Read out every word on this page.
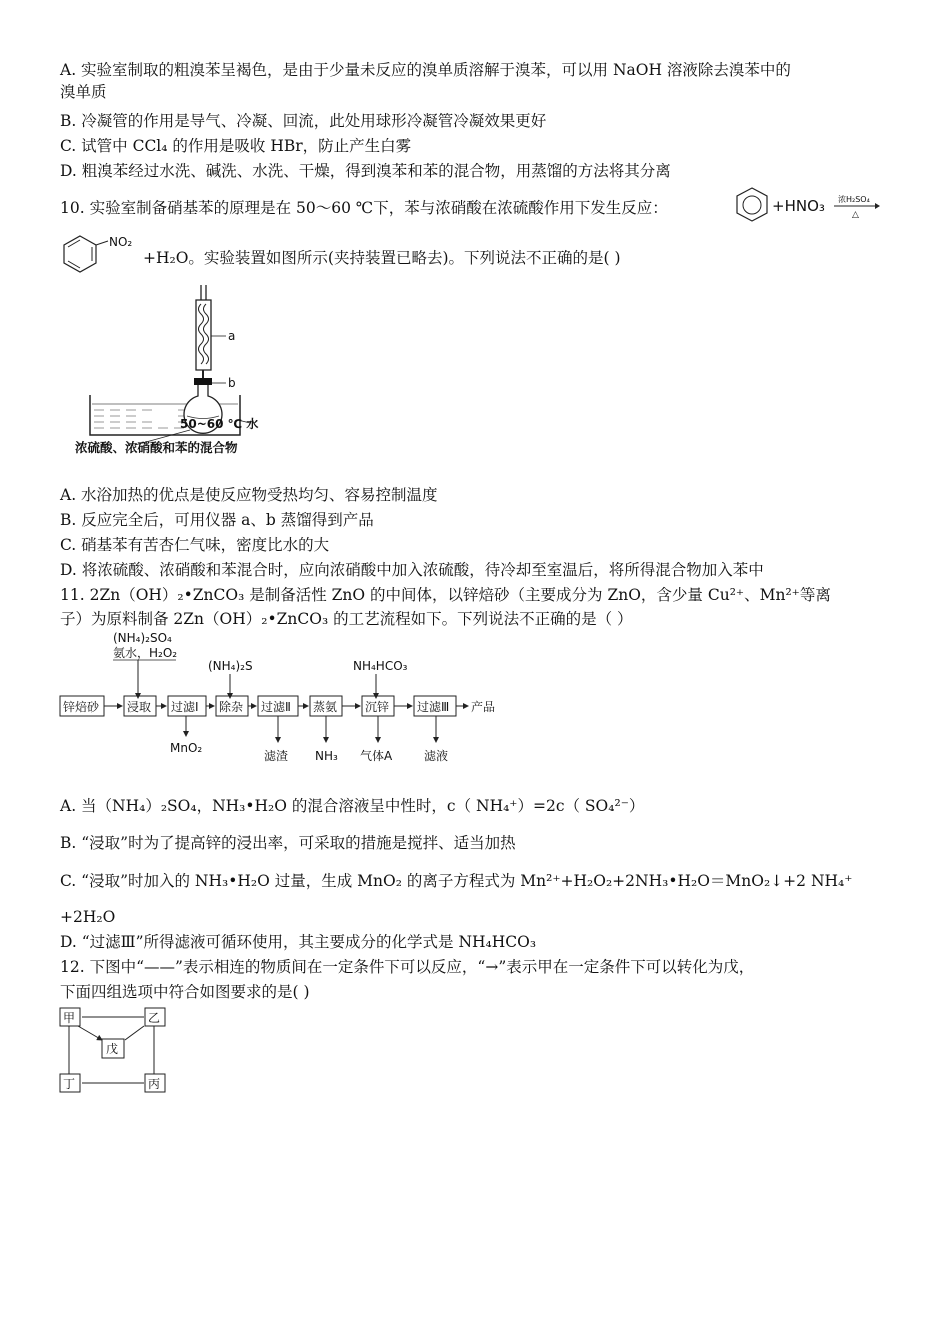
A. 实验室制取的粗溴苯呈褐色，是由于少量未反应的溴单质溶解于溴苯，可以用 NaOH 溶液除去溴苯中的
溴单质
B. 冷凝管的作用是导气、冷凝、回流，此处用球形冷凝管冷凝效果更好
C. 试管中 CCl₄ 的作用是吸收 HBr，防止产生白雾
D. 粗溴苯经过水洗、碱洗、水洗、干燥，得到溴苯和苯的混合物，用蒸馏的方法将其分离
10. 实验室制备硝基苯的原理是在 50～60 ℃下，苯与浓硝酸在浓硫酸作用下发生反应：	+HNO₃ 浓H₂SO₄
△
NO₂
+H₂O。实验装置如图所示(夹持装置已略去)。下列说法不正确的是( )
a
b
50~60 ℃ 水
浓硫酸、浓硝酸和苯的混合物
A. 水浴加热的优点是使反应物受热均匀、容易控制温度
B. 反应完全后，可用仪器 a、b 蒸馏得到产品
C. 硝基苯有苦杏仁气味，密度比水的大
D. 将浓硫酸、浓硝酸和苯混合时，应向浓硝酸中加入浓硫酸，待冷却至室温后，将所得混合物加入苯中
11. 2Zn（OH）₂•ZnCO₃ 是制备活性 ZnO 的中间体，以锌焙砂（主要成分为 ZnO，含少量 Cu²⁺、Mn²⁺等离
子）为原料制备 2Zn（OH）₂•ZnCO₃ 的工艺流程如下。下列说法不正确的是（ ）
(NH₄)₂SO₄
氨水，H₂O₂
(NH₄)₂S	NH₄HCO₃
锌焙砂 浸取 过滤Ⅰ 除杂 过滤Ⅱ 蒸氨 沉锌 过滤Ⅲ 产品
MnO₂
滤渣 NH₃ 气体A	滤液
A. 当（NH₄）₂SO₄，NH₃•H₂O 的混合溶液呈中性时，c（ NH₄⁺）=2c（ SO₄²⁻）
B. “浸取”时为了提高锌的浸出率，可采取的措施是搅拌、适当加热
C. “浸取”时加入的 NH₃•H₂O 过量，生成 MnO₂ 的离子方程式为 Mn²⁺+H₂O₂+2NH₃•H₂O＝MnO₂↓+2 NH₄⁺
+2H₂O
D. “过滤Ⅲ”所得滤液可循环使用，其主要成分的化学式是 NH₄HCO₃
12. 下图中“——”表示相连的物质间在一定条件下可以反应，“→”表示甲在一定条件下可以转化为戊，
下面四组选项中符合如图要求的是( )
甲	乙
戊
丁	丙
